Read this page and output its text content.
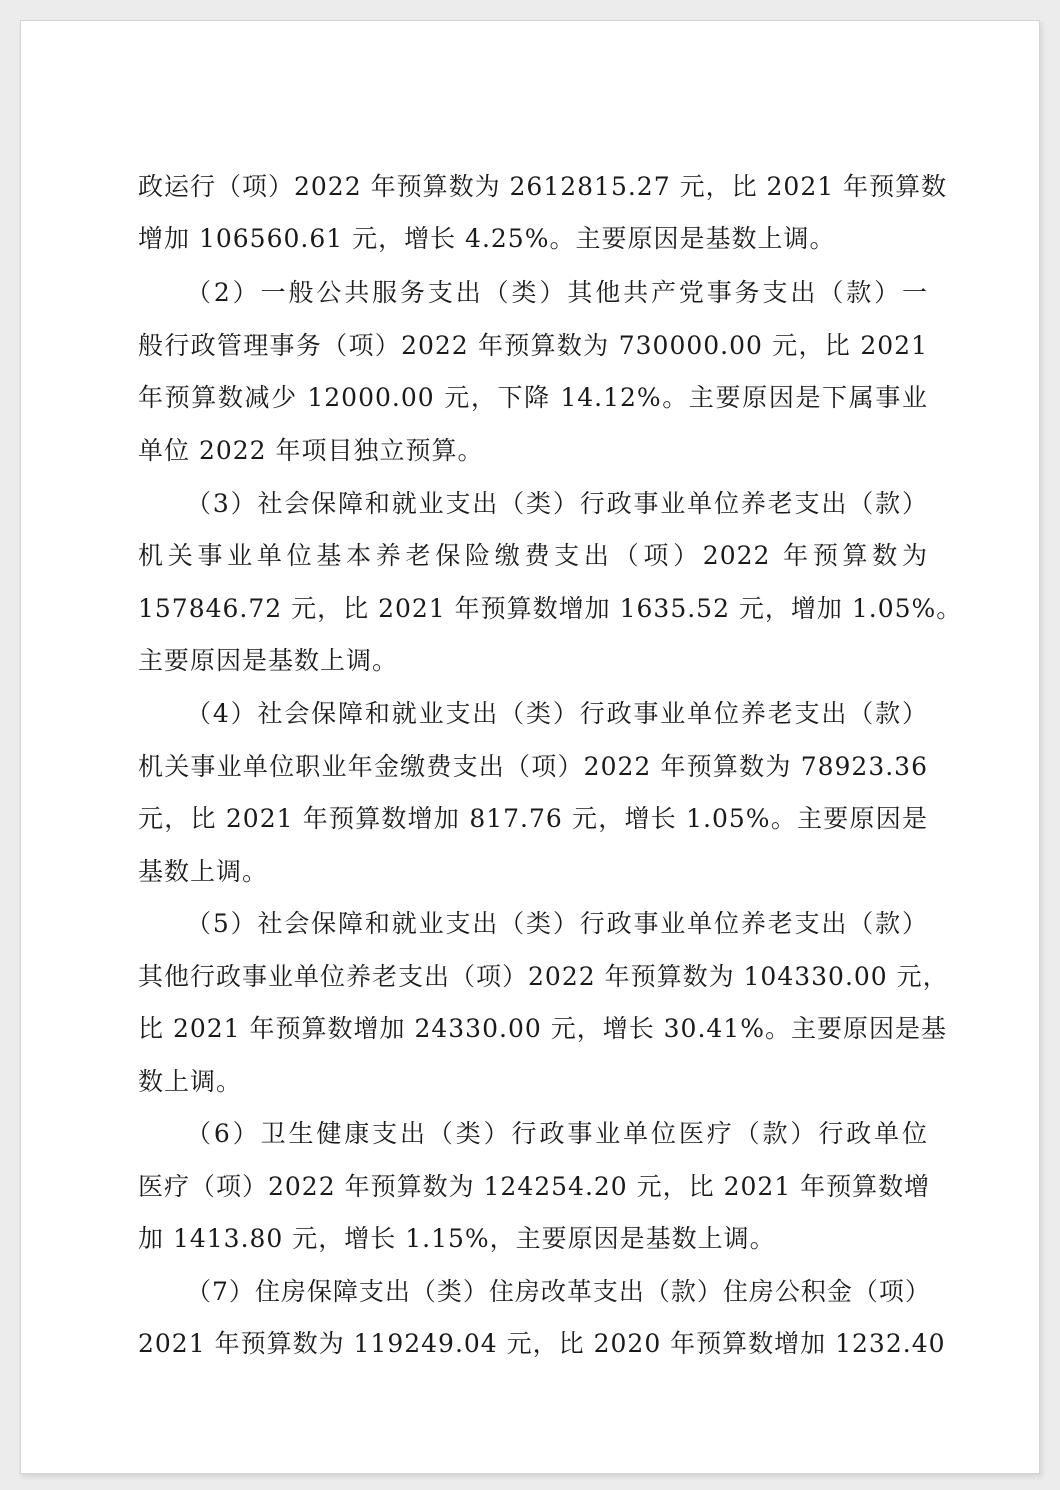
政运行（项）2022 年预算数为 2612815.27 元，比 2021 年预算数
增加 106560.61 元，增长 4.25%。主要原因是基数上调。
（2）一般公共服务支出（类）其他共产党事务支出（款）一
般行政管理事务（项）2022 年预算数为 730000.00 元，比 2021
年预算数减少 12000.00 元，下降 14.12%。主要原因是下属事业
单位 2022 年项目独立预算。
（3）社会保障和就业支出（类）行政事业单位养老支出（款）
机关事业单位基本养老保险缴费支出（项）2022 年预算数为
157846.72 元，比 2021 年预算数增加 1635.52 元，增加 1.05%。
主要原因是基数上调。
（4）社会保障和就业支出（类）行政事业单位养老支出（款）
机关事业单位职业年金缴费支出（项）2022 年预算数为 78923.36
元，比 2021 年预算数增加 817.76 元，增长 1.05%。主要原因是
基数上调。
（5）社会保障和就业支出（类）行政事业单位养老支出（款）
其他行政事业单位养老支出（项）2022 年预算数为 104330.00 元，
比 2021 年预算数增加 24330.00 元，增长 30.41%。主要原因是基
数上调。
（6）卫生健康支出（类）行政事业单位医疗（款）行政单位
医疗（项）2022 年预算数为 124254.20 元，比 2021 年预算数增
加 1413.80 元，增长 1.15%，主要原因是基数上调。
（7）住房保障支出（类）住房改革支出（款）住房公积金（项）
2021 年预算数为 119249.04 元，比 2020 年预算数增加 1232.40
